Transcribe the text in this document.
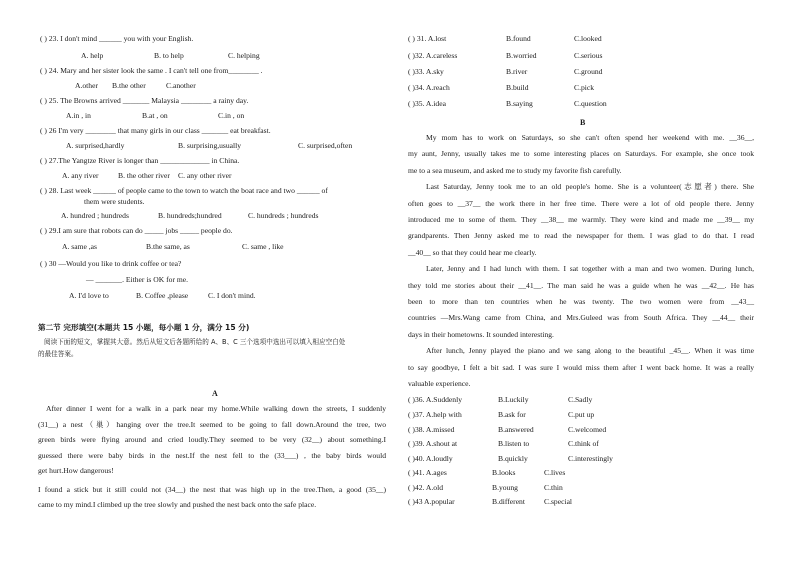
( ) 23. I don't mind ______ you with your English.
A. help	B. to help	C. helping
( ) 24. Mary and her sister look the same . I can't tell one from________ .
A.other B.the other	C.another
( ) 25. The Browns arrived _______ Malaysia ________ a rainy day.
A.in , in	B.at , on	C.in , on
( ) 26 I'm very ________ that many girls in our class _______ eat breakfast.
A. surprised,hardly	B. surprising,usually	C. surprised,often
( ) 27.The Yangtze River is longer than _____________ in China.
A. any river	B. the other river C. any other river
( ) 28. Last week ______ of people came to the town to watch the boat race and two ______ of
them were students.
A. hundred ; hundreds	B. hundreds;hundred	C. hundreds ; hundreds
( ) 29.I am sure that robots can do _____ jobs _____ people do.
A. same ,as	B.the same, as	C. same , like
( ) 30 —Would you like to drink coffee or tea?
— _______. Either is OK for me.
A. I'd love to	B. Coffee ,please	C. I don't mind.
第二节 完形填空(本题共 15 小题，每小题 1 分，满分 15 分)
阅读下面的短文，掌握其大意。然后从短文后各题所给的 A、B、C 三个选项中选出可以填入相应空白处
的最佳答案。
A
After dinner I went for a walk in a park near my home.While walking down the streets, I suddenly
(31__) a nest（巢）hanging over the tree.It seemed to be going to fall down.Around the tree, two
green birds were flying around and cried loudly.They seemed to be very (32__) about something.I
guessed there were baby birds in the nest.If the nest fell to the (33___) , the baby birds would
get hurt.How dangerous!
I found a stick but it still could not (34__) the nest that was high up in the tree.Then, a good (35__)
came to my mind.I climbed up the tree slowly and pushed the nest back onto the safe place.
( ) 31. A.lost	B.found	C.looked
( )32. A.careless	B.worried	C.serious
( )33. A.sky	B.river	C.ground
( )34. A.reach	B.build	C.pick
( )35. A.idea	B.saying	C.question
B
My mom has to work on Saturdays, so she can't often spend her weekend with me. __36__,
my aunt, Jenny, usually takes me to some interesting places on Saturdays. For example, she once took
me to a sea museum, and asked me to study my favorite fish carefully.
Last Saturday, Jenny took me to an old people's home. She is a volunteer(志愿者) there. She
often goes to __37__ the work there in her free time. There were a lot of old people there. Jenny
introduced me to some of them. They __38__ me warmly. They were kind and made me __39__ my
grandparents. Then Jenny asked me to read the newspaper for them. I was glad to do that. I read
__40__ so that they could hear me clearly.
Later, Jenny and I had lunch with them. I sat together with a man and two women. During lunch,
they told me stories about their __41__. The man said he was a guide when he was __42__. He has
been to more than ten countries when he was twenty. The two women were from __43__
countries —Mrs.Wang came from China, and Mrs.Guleed was from South Africa. They __44__ their
days in their hometowns. It sounded interesting.
After lunch, Jenny played the piano and we sang along to the beautiful _45__. When it was time
to say goodbye, I felt a bit sad. I was sure I would miss them after I went back home. It was a really
valuable experience.
( )36. A.Suddenly	B.Luckily	C.Sadly
( )37. A.help with	B.ask for	C.put up
( )38. A.missed	B.answered	C.welcomed
( )39. A.shout at	B.listen to	C.think of
( )40. A.loudly	B.quickly	C.interestingly
( )41. A.ages	B.looks	C.lives
( )42. A.old	B.young	C.thin
( )43 A.popular	B.different	C.special
